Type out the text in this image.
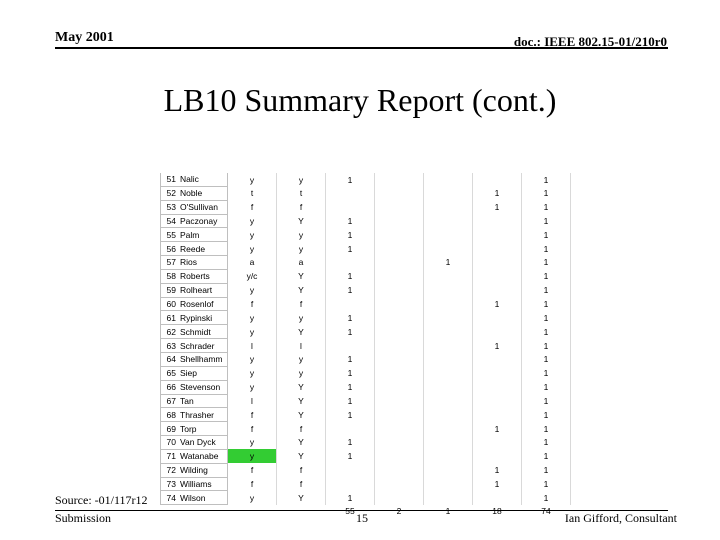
May 2001	doc.: IEEE 802.15-01/210r0
LB10 Summary Report (cont.)
51	Nalic	y	y	1				1
52	Noble	t	t				1	1
53	O'Sullivan	f	f				1	1
54	Paczonay	y	Y	1				1
55	Palm	y	y	1				1
56	Reede	y	y	1				1
57	Rios	a	a			1		1
58	Roberts	y/c	Y	1				1
59	Rolheart	y	Y	1				1
60	Rosenlof	f	f				1	1
61	Rypinski	y	y	1				1
62	Schmidt	y	Y	1				1
63	Schrader	l	l				1	1
64	Shellhamm	y	y	1				1
65	Siep	y	y	1				1
66	Stevenson	y	Y	1				1
67	Tan	l	Y	1				1
68	Thrasher	f	Y	1				1
69	Torp	f	f				1	1
70	Van Dyck	y	Y	1				1
71	Watanabe	y	Y	1				1
72	Wilding	f	f				1	1
73	Williams	f	f				1	1
74	Wilson	y	Y	1				1
				55	2	1	18	74
Source: -01/117r12
Submission	15	Ian Gifford, Consultant
